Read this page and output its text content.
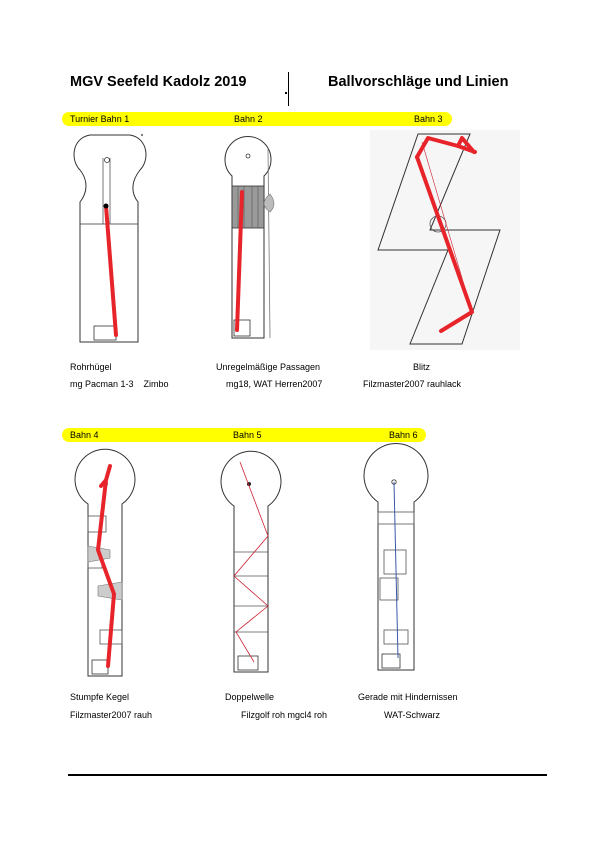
MGV Seefeld Kadolz 2019	Ballvorschläge und Linien
Turnier Bahn 1	Bahn 2	Bahn 3
Rohrhügel	Unregelmäßige Passagen	Blitz
mg Pacman 1-3    Zimbo	mg18, WAT Herren2007	Filzmaster2007 rauhlack
Bahn 4	Bahn 5	Bahn 6
Stumpfe Kegel	Doppelwelle	Gerade mit Hindernissen
Filzmaster2007 rauh	Filzgolf roh mgcl4 roh	WAT-Schwarz
